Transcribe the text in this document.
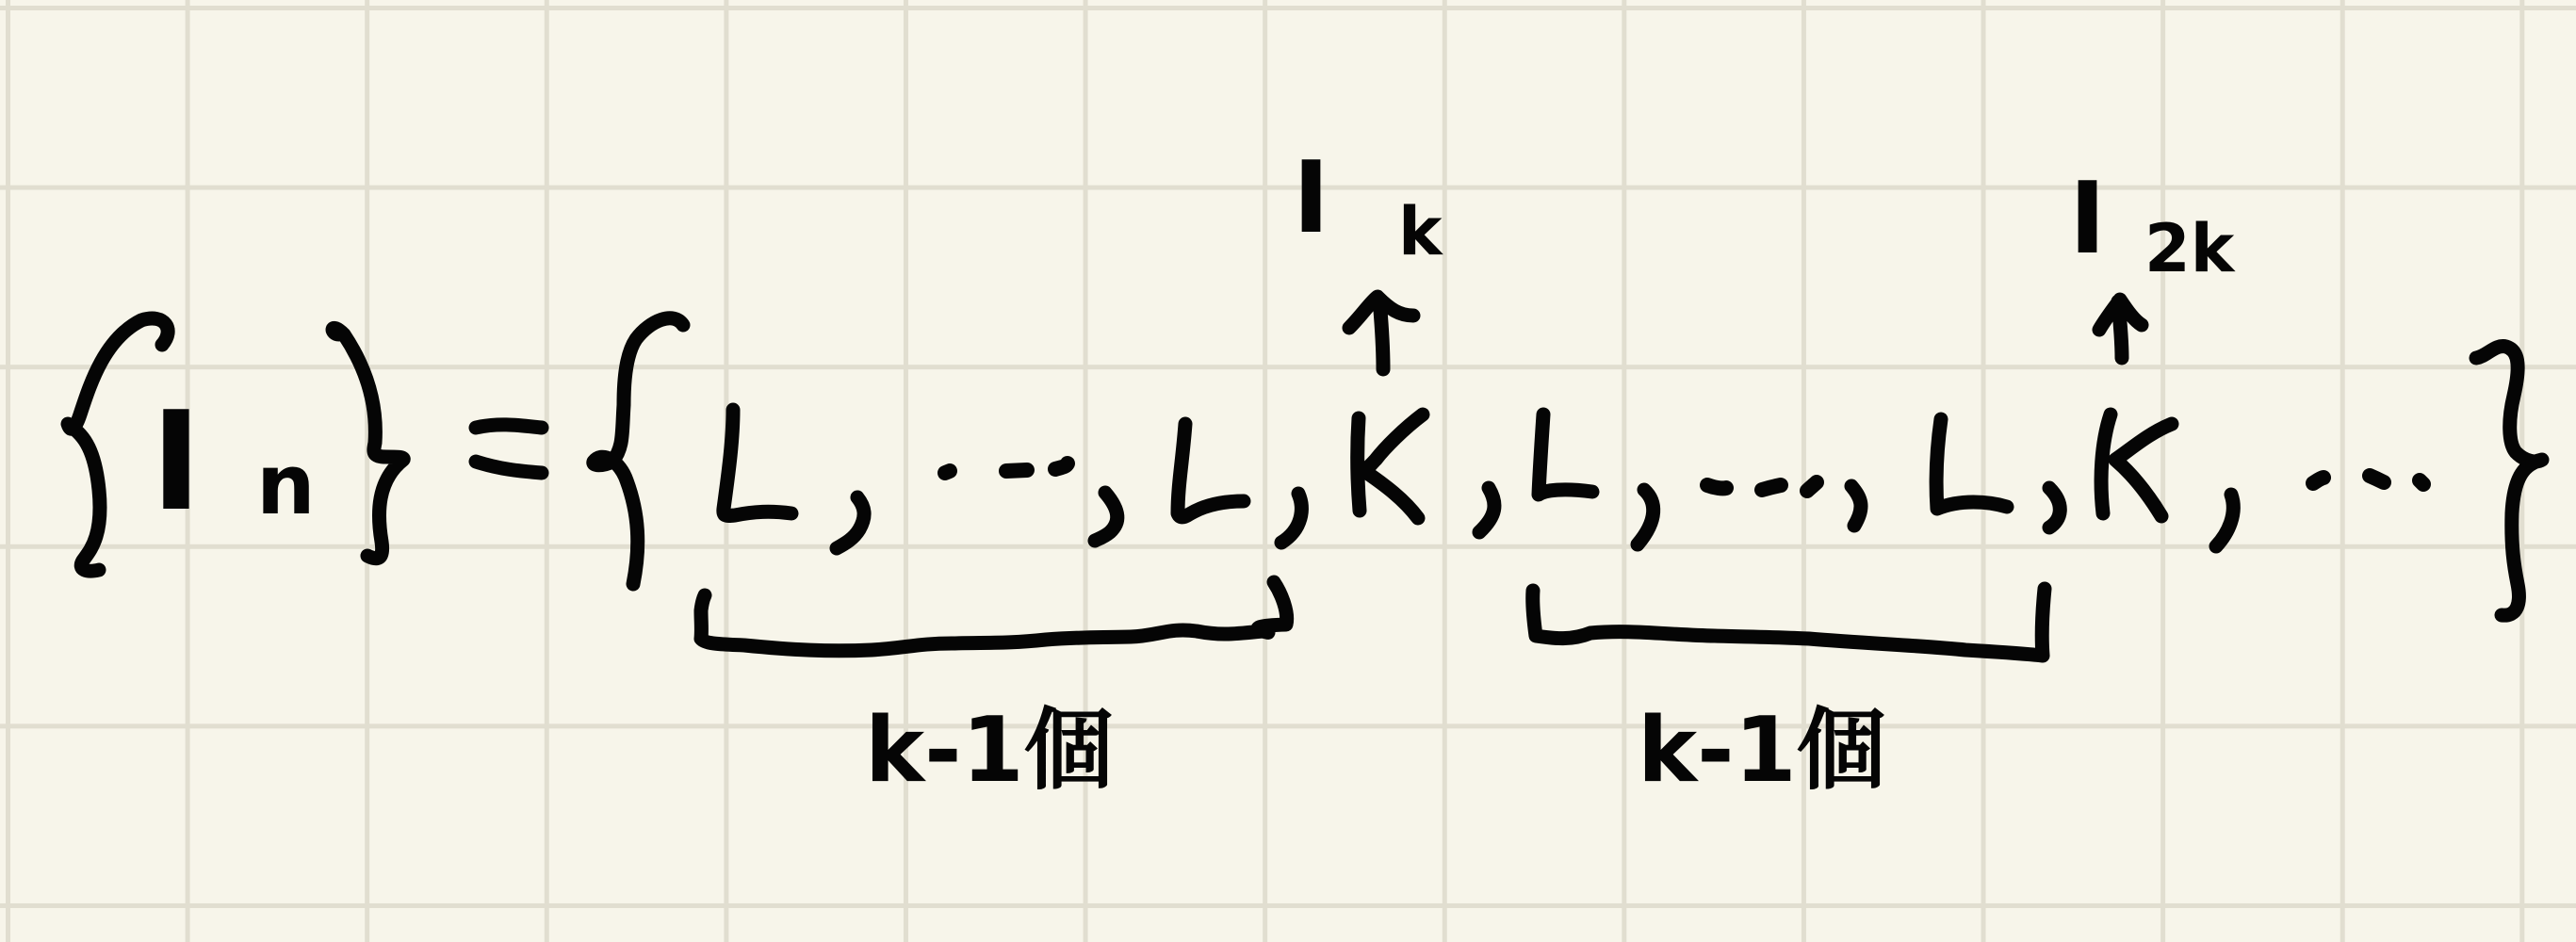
I n
I k	I 2k
k-1個	k-1個
